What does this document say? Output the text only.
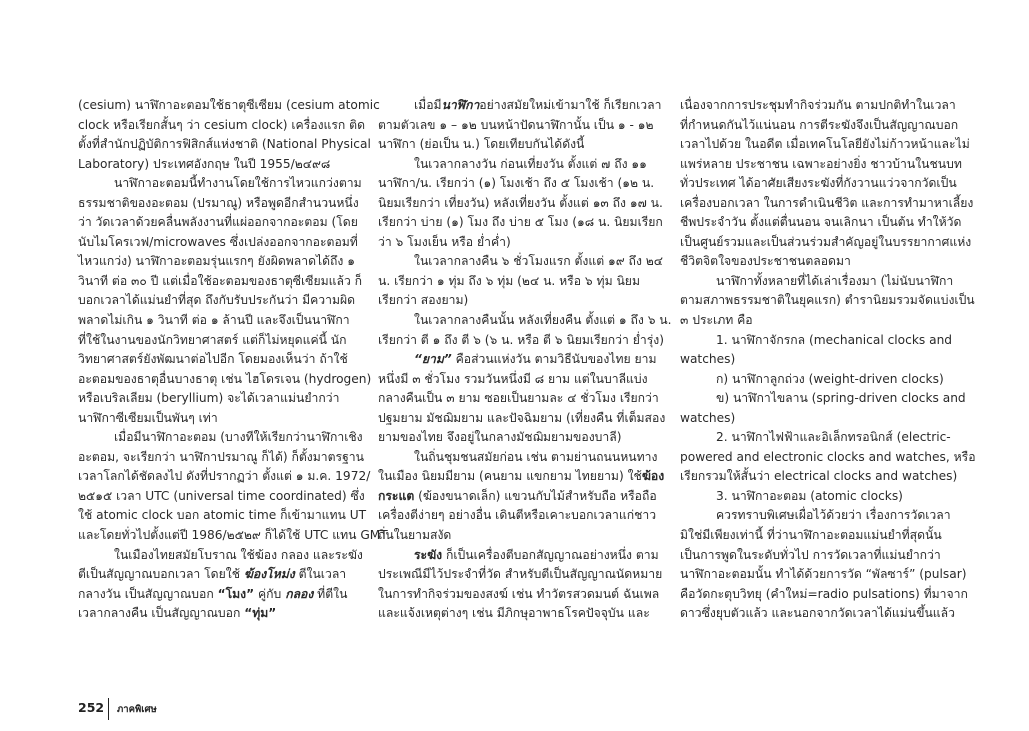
(cesium) นาฬิกาอะตอมใช้ธาตุซีเซียม (cesium atomic

clock หรือเรียกสั้นๆ ว่า cesium clock) เครื่องแรก ติด

ตั้งที่สำนักปฏิบัติการฟิสิกส์แห่งชาติ (National Physical

Laboratory) ประเทศอังกฤษ ในปี 1955/๒๔๙๘

นาฬิกาอะตอมนี้ทำงานโดยใช้การไหวแกว่งตาม

ธรรมชาติของอะตอม (ปรมาณู) หรือพูดอีกสำนวนหนึ่ง

ว่า วัดเวลาด้วยคลื่นพลังงานที่แผ่ออกจากอะตอม (โดย

นับไมโครเวฟ/microwaves ซึ่งเปล่งออกจากอะตอมที่

ไหวแกว่ง) นาฬิกาอะตอมรุ่นแรกๆ ยังผิดพลาดได้ถึง ๑

วินาที ต่อ ๓๐ ปี แต่เมื่อใช้อะตอมของธาตุซีเซียมแล้ว ก็

บอกเวลาได้แม่นยำที่สุด ถึงกับรับประกันว่า มีความผิด

พลาดไม่เกิน ๑ วินาที ต่อ ๑ ล้านปี และจึงเป็นนาฬิกา

ที่ใช้ในงานของนักวิทยาศาสตร์ แต่ก็ไม่หยุดแค่นี้ นัก

วิทยาศาสตร์ยังพัฒนาต่อไปอีก โดยมองเห็นว่า ถ้าใช้

อะตอมของธาตุอื่นบางธาตุ เช่น ไฮโดรเจน (hydrogen)

หรือเบริลเลียม (beryllium) จะได้เวลาแม่นยำกว่า

นาฬิกาซีเซียมเป็นพันๆ เท่า

เมื่อมีนาฬิกาอะตอม (บางทีให้เรียกว่านาฬิกาเชิง

อะตอม, จะเรียกว่า นาฬิกาปรมาณู ก็ได้) ก็ตั้งมาตรฐาน

เวลาโลกได้ชัดลงไป ดังที่ปรากฏว่า ตั้งแต่ ๑ ม.ค. 1972/

๒๕๑๕ เวลา UTC (universal time coordinated) ซึ่ง

ใช้ atomic clock บอก atomic time ก็เข้ามาแทน UT

และโดยทั่วไปตั้งแต่ปี 1986/๒๕๒๙ ก็ได้ใช้ UTC แทน GMT

ในเมืองไทยสมัยโบราณ ใช้ฆ้อง กลอง และระฆัง

ตีเป็นสัญญาณบอกเวลา โดยใช้ ฆ้องโหม่ง ตีในเวลา

กลางวัน เป็นสัญญาณบอก “โมง” คู่กับ กลอง ที่ตีใน

เวลากลางคืน เป็นสัญญาณบอก “ทุ่ม”

เมื่อมีนาฬิกาอย่างสมัยใหม่เข้ามาใช้ ก็เรียกเวลา

ตามตัวเลข ๑ – ๑๒ บนหน้าปัดนาฬิกานั้น เป็น ๑ - ๑๒

นาฬิกา (ย่อเป็น น.) โดยเทียบกันได้ดังนี้

ในเวลากลางวัน ก่อนเที่ยงวัน ตั้งแต่ ๗ ถึง ๑๑

นาฬิกา/น. เรียกว่า (๑) โมงเช้า ถึง ๕ โมงเช้า (๑๒ น.

นิยมเรียกว่า เที่ยงวัน) หลังเที่ยงวัน ตั้งแต่ ๑๓ ถึง ๑๗ น.

เรียกว่า บ่าย (๑) โมง ถึง บ่าย ๕ โมง (๑๘ น. นิยมเรียก

ว่า ๖ โมงเย็น หรือ ย่ำค่ำ)

ในเวลากลางคืน ๖ ชั่วโมงแรก ตั้งแต่ ๑๙ ถึง ๒๔

น. เรียกว่า ๑ ทุ่ม ถึง ๖ ทุ่ม (๒๔ น. หรือ ๖ ทุ่ม นิยม

เรียกว่า สองยาม)

ในเวลากลางคืนนั้น หลังเที่ยงคืน ตั้งแต่ ๑ ถึง ๖ น.

เรียกว่า ตี ๑ ถึง ตี ๖ (๖ น. หรือ ตี ๖ นิยมเรียกว่า ย่ำรุ่ง)

“ยาม” คือส่วนแห่งวัน ตามวิธีนับของไทย ยาม

หนึ่งมี ๓ ชั่วโมง รวมวันหนึ่งมี ๘ ยาม แต่ในบาลีแบ่ง

กลางคืนเป็น ๓ ยาม ซอยเป็นยามละ ๔ ชั่วโมง เรียกว่า

ปฐมยาม มัชฌิมยาม และปัจฉิมยาม (เที่ยงคืน ที่เต็มสอง

ยามของไทย จึงอยู่ในกลางมัชฌิมยามของบาลี)

ในถิ่นชุมชนสมัยก่อน เช่น ตามย่านถนนหนทาง

ในเมือง นิยมมียาม (คนยาม แขกยาม ไทยยาม) ใช้ฆ้อง

กระแต (ฆ้องขนาดเล็ก) แขวนกับไม้สำหรับถือ หรือถือ

เครื่องตีง่ายๆ อย่างอื่น เดินตีหรือเคาะบอกเวลาแก่ชาว

ถิ่นในยามสงัด

ระฆัง ก็เป็นเครื่องตีบอกสัญญาณอย่างหนึ่ง ตาม

ประเพณีมีไว้ประจำที่วัด สำหรับตีเป็นสัญญาณนัดหมาย

ในการทำกิจร่วมของสงฆ์ เช่น ทำวัตรสวดมนต์ ฉันเพล

และแจ้งเหตุต่างๆ เช่น มีภิกษุอาพาธโรคปัจจุบัน และ

เนื่องจากการประชุมทำกิจร่วมกัน ตามปกติทำในเวลา

ที่กำหนดกันไว้แน่นอน การตีระฆังจึงเป็นสัญญาณบอก

เวลาไปด้วย ในอดีต เมื่อเทคโนโลยียังไม่ก้าวหน้าและไม่

แพร่หลาย ประชาชน เฉพาะอย่างยิ่ง ชาวบ้านในชนบท

ทั่วประเทศ ได้อาศัยเสียงระฆังที่กังวานแว่วจากวัดเป็น

เครื่องบอกเวลา ในการดำเนินชีวิต และการทำมาหาเลี้ยง

ชีพประจำวัน ตั้งแต่ตื่นนอน จนเลิกนา เป็นต้น ทำให้วัด

เป็นศูนย์รวมและเป็นส่วนร่วมสำคัญอยู่ในบรรยากาศแห่ง

ชีวิตจิตใจของประชาชนตลอดมา

นาฬิกาทั้งหลายที่ได้เล่าเรื่องมา (ไม่นับนาฬิกา

ตามสภาพธรรมชาติในยุคแรก) ตำรานิยมรวมจัดแบ่งเป็น

๓ ประเภท คือ

1. นาฬิกาจักรกล (mechanical clocks and

watches)

ก) นาฬิกาลูกถ่วง (weight-driven clocks)

ข) นาฬิกาไขลาน (spring-driven clocks and

watches)

2. นาฬิกาไฟฟ้าและอิเล็กทรอนิกส์ (electric-

powered and electronic clocks and watches, หรือ

เรียกรวมให้สั้นว่า electrical clocks and watches)

3. นาฬิกาอะตอม (atomic clocks)

ควรทราบพิเศษเผื่อไว้ด้วยว่า เรื่องการวัดเวลา

มิใช่มีเพียงเท่านี้ ที่ว่านาฬิกาอะตอมแม่นยำที่สุดนั้น

เป็นการพูดในระดับทั่วไป การวัดเวลาที่แม่นยำกว่า

นาฬิกาอะตอมนั้น ทำได้ด้วยการวัด “พัลซาร์” (pulsar)

คือวัดกะตุบวิทยุ (คำใหม่=radio pulsations) ที่มาจาก

ดาวซึ่งยุบตัวแล้ว และนอกจากวัดเวลาได้แม่นขึ้นแล้ว

252 ภาคพิเศษ
